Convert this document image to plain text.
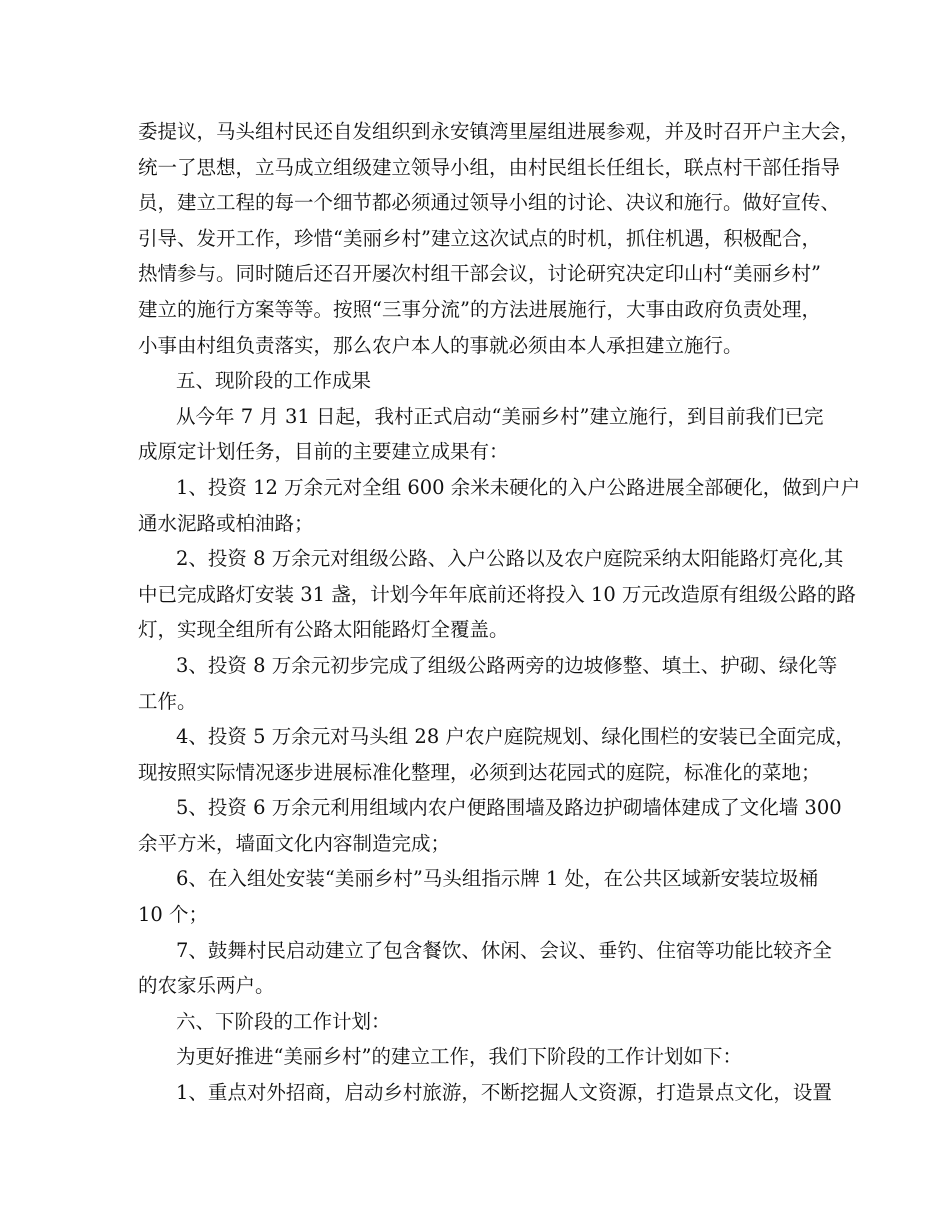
委提议，马头组村民还自发组织到永安镇湾里屋组进展参观，并及时召开户主大会，
统一了思想，立马成立组级建立领导小组，由村民组长任组长，联点村干部任指导
员，建立工程的每一个细节都必须通过领导小组的讨论、决议和施行。做好宣传、
引导、发开工作，珍惜“美丽乡村”建立这次试点的时机，抓住机遇，积极配合，
热情参与。同时随后还召开屡次村组干部会议，讨论研究决定印山村“美丽乡村”
建立的施行方案等等。按照“三事分流”的方法进展施行，大事由政府负责处理，
小事由村组负责落实，那么农户本人的事就必须由本人承担建立施行。
五、现阶段的工作成果
从今年 7 月 31 日起，我村正式启动“美丽乡村”建立施行，到目前我们已完
成原定计划任务，目前的主要建立成果有：
1、投资 12 万余元对全组 600 余米未硬化的入户公路进展全部硬化，做到户户
通水泥路或柏油路；
2、投资 8 万余元对组级公路、入户公路以及农户庭院采纳太阳能路灯亮化,其
中已完成路灯安装 31 盏，计划今年年底前还将投入 10 万元改造原有组级公路的路
灯，实现全组所有公路太阳能路灯全覆盖。
3、投资 8 万余元初步完成了组级公路两旁的边坡修整、填土、护砌、绿化等
工作。
4、投资 5 万余元对马头组 28 户农户庭院规划、绿化围栏的安装已全面完成，
现按照实际情况逐步进展标准化整理，必须到达花园式的庭院，标准化的菜地；
5、投资 6 万余元利用组域内农户便路围墙及路边护砌墙体建成了文化墙 300
余平方米，墙面文化内容制造完成；
6、在入组处安装“美丽乡村”马头组指示牌 1 处，在公共区域新安装垃圾桶
10 个；
7、鼓舞村民启动建立了包含餐饮、休闲、会议、垂钓、住宿等功能比较齐全
的农家乐两户。
六、下阶段的工作计划：
为更好推进“美丽乡村”的建立工作，我们下阶段的工作计划如下：
1、重点对外招商，启动乡村旅游，不断挖掘人文资源，打造景点文化，设置
